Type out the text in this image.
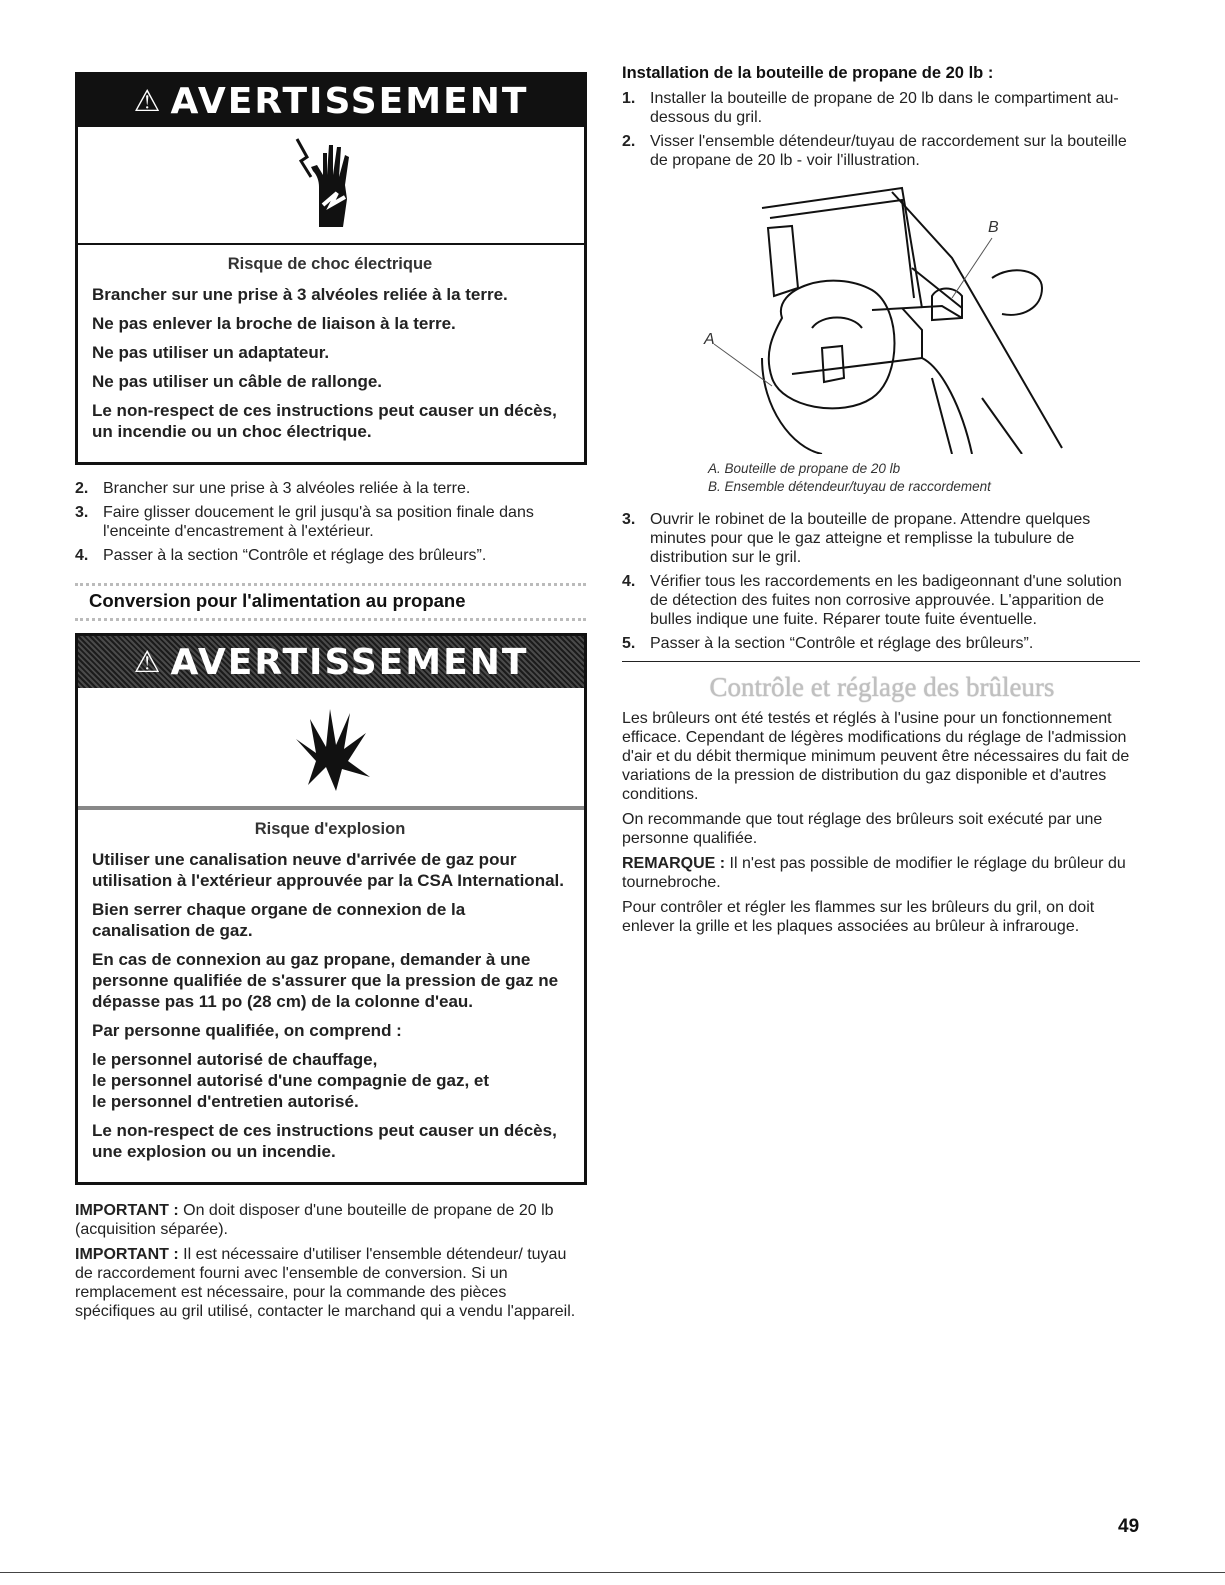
⚠ AVERTISSEMENT
Risque de choc électrique

Brancher sur une prise à 3 alvéoles reliée à la terre.

Ne pas enlever la broche de liaison à la terre.

Ne pas utiliser un adaptateur.

Ne pas utiliser un câble de rallonge.

Le non-respect de ces instructions peut causer un décès, un incendie ou un choc électrique.

2. Brancher sur une prise à 3 alvéoles reliée à la terre.
3. Faire glisser doucement le gril jusqu'à sa position finale dans l'enceinte d'encastrement à l'extérieur.
4. Passer à la section “Contrôle et réglage des brûleurs”.
Conversion pour l'alimentation au propane
⚠ AVERTISSEMENT
Risque d'explosion

Utiliser une canalisation neuve d'arrivée de gaz pour utilisation à l'extérieur approuvée par la CSA International.

Bien serrer chaque organe de connexion de la canalisation de gaz.

En cas de connexion au gaz propane, demander à une personne qualifiée de s'assurer que la pression de gaz ne dépasse pas 11 po (28 cm) de la colonne d'eau.

Par personne qualifiée, on comprend :

le personnel autorisé de chauffage,

le personnel autorisé d'une compagnie de gaz, et

le personnel d'entretien autorisé.

Le non-respect de ces instructions peut causer un décès, une explosion ou un incendie.

IMPORTANT : On doit disposer d'une bouteille de propane de 20 lb (acquisition séparée).

IMPORTANT : Il est nécessaire d'utiliser l'ensemble détendeur/ tuyau de raccordement fourni avec l'ensemble de conversion. Si un remplacement est nécessaire, pour la commande des pièces spécifiques au gril utilisé, contacter le marchand qui a vendu l'appareil.

Installation de la bouteille de propane de 20 lb :
1. Installer la bouteille de propane de 20 lb dans le compartiment au-dessous du gril.
2. Visser l'ensemble détendeur/tuyau de raccordement sur la bouteille de propane de 20 lb - voir l'illustration.
A
B
A. Bouteille de propane de 20 lb
B. Ensemble détendeur/tuyau de raccordement
3. Ouvrir le robinet de la bouteille de propane. Attendre quelques minutes pour que le gaz atteigne et remplisse la tubulure de distribution sur le gril.
4. Vérifier tous les raccordements en les badigeonnant d'une solution de détection des fuites non corrosive approuvée. L'apparition de bulles indique une fuite. Réparer toute fuite éventuelle.
5. Passer à la section “Contrôle et réglage des brûleurs”.
Contrôle et réglage des brûleurs

Les brûleurs ont été testés et réglés à l'usine pour un fonctionnement efficace. Cependant de légères modifications du réglage de l'admission d'air et du débit thermique minimum peuvent être nécessaires du fait de variations de la pression de distribution du gaz disponible et d'autres conditions.

On recommande que tout réglage des brûleurs soit exécuté par une personne qualifiée.

REMARQUE : Il n'est pas possible de modifier le réglage du brûleur du tournebroche.

Pour contrôler et régler les flammes sur les brûleurs du gril, on doit enlever la grille et les plaques associées au brûleur à infrarouge.

49
